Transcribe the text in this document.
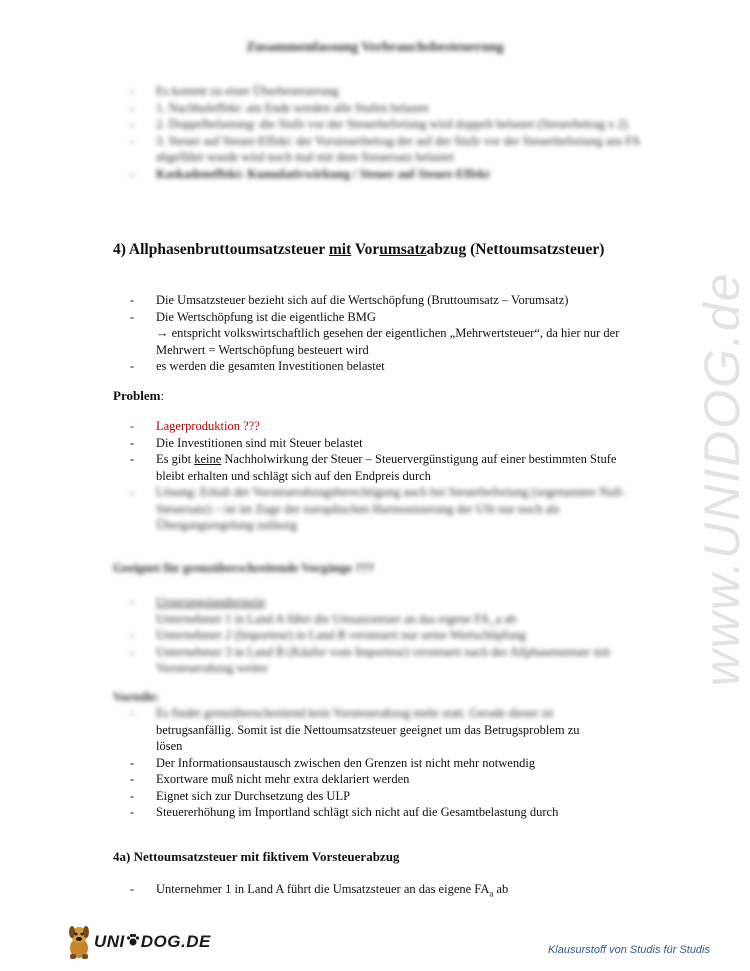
www.UNIDOG.de
Zusammenfassung Verbrauchsbesteuerung
- Es kommt zu einer Überbesteuerung
- 1. Nachholeffekt: am Ende werden alle Stufen belastet
- 2. Doppelbelastung: die Stufe vor der Steuerbefreiung wird doppelt belastet (Steuerbetrag x 2)
- 3. Steuer auf Steuer-Effekt: der Vorsteuerbetrag der auf der Stufe vor der Steuerbefreiung ans FA abgeführt wurde wird noch mal mit dem Steuersatz belastet
- Kaskadeneffekt: Kumulativwirkung / Steuer auf Steuer-Effekt
4) Allphasenbruttoumsatzsteuer mit Vorumsatzabzug (Nettoumsatzsteuer)
- Die Umsatzsteuer bezieht sich auf die Wertschöpfung (Bruttoumsatz – Vorumsatz)
- Die Wertschöpfung ist die eigentliche BMG
→ entspricht volkswirtschaftlich gesehen der eigentlichen „Mehrwertsteuer“, da hier nur der Mehrwert = Wertschöpfung besteuert wird
- es werden die gesamten Investitionen belastet
Problem:
- Lagerproduktion ???
- Die Investitionen sind mit Steuer belastet
- Es gibt keine Nachholwirkung der Steuer – Steuervergünstigung auf einer bestimmten Stufe bleibt erhalten und schlägt sich auf den Endpreis durch
- Lösung: Erhalt der Vorsteuerabzugsberechtigung auch bei Steuerbefreiung (sogenannter Null-Steuersatz) – ist im Zuge der europäischen Harmonisierung der USt nur noch als Übergangsregelung zulässig
Geeignet für grenzüberschreitende Vorgänge ???
- Ursprungslandprinzip
Unternehmer 1 in Land A führt die Umsatzsteuer an das eigene FA_a ab
- Unternehmer 2 (Importeur) in Land B versteuert nur seine Wertschöpfung
- Unternehmer 3 in Land B (Käufer vom Importeur) versteuert nach der Allphasensteuer mit Vorsteuerabzug weiter
Vorteile:
- Es findet grenzüberschreitend kein Vorsteuerabzug mehr statt. Gerade dieser ist
betrugsanfällig. Somit ist die Nettoumsatzsteuer geeignet um das Betrugsproblem zu
lösen
- Der Informationsaustausch zwischen den Grenzen ist nicht mehr notwendig
- Exortware muß nicht mehr extra deklariert werden
- Eignet sich zur Durchsetzung des ULP
- Steuererhöhung im Importland schlägt sich nicht auf die Gesamtbelastung durch
4a) Nettoumsatzsteuer mit fiktivem Vorsteuerabzug
- Unternehmer 1 in Land A führt die Umsatzsteuer an das eigene $FA_a$ ab
UNI DOG.DE	Klausurstoff von Studis für Studis
